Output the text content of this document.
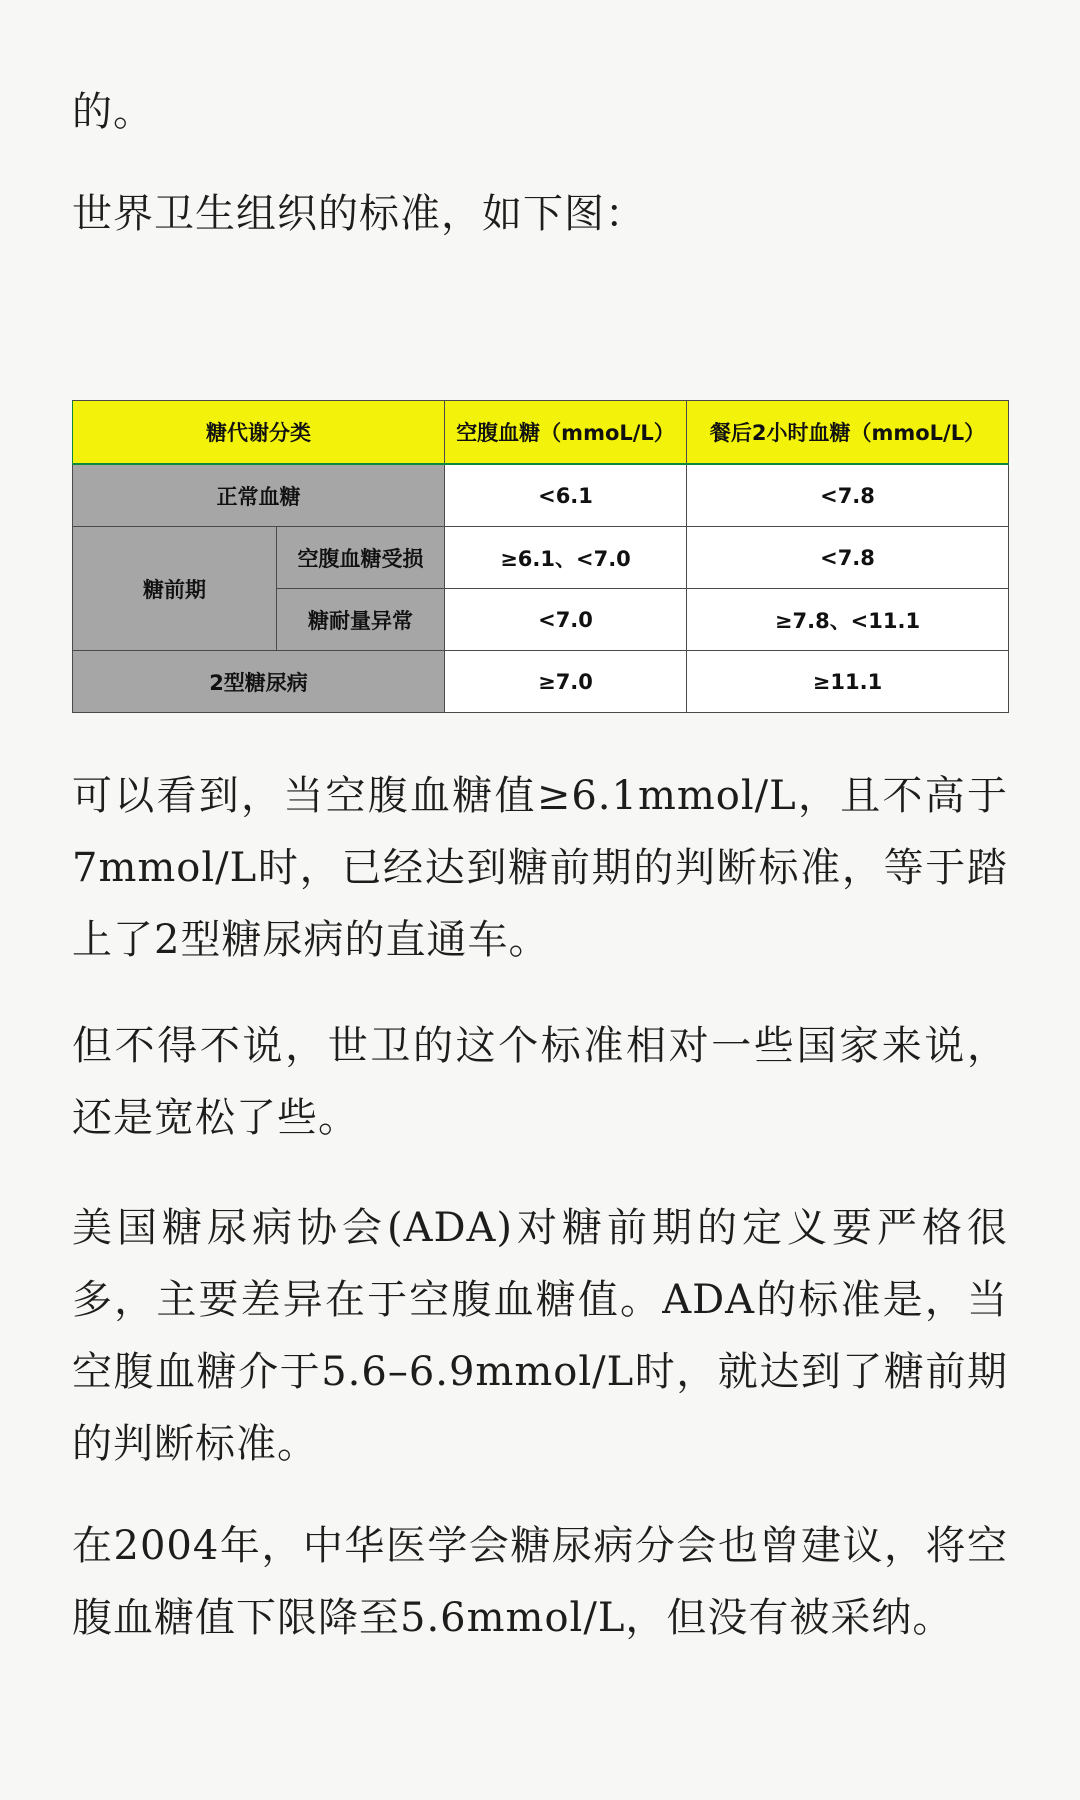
的。

世界卫生组织的标准，如下图：

糖代谢分类		空腹血糖（mmoL/L）	餐后2小时血糖（mmoL/L）
正常血糖		<6.1	<7.8
糖前期	空腹血糖受损	≥6.1、<7.0	<7.8
	糖耐量异常	<7.0	≥7.8、<11.1
2型糖尿病		≥7.0	≥11.1

可以看到，当空腹血糖值≥6.1mmol/L，且不高于7mmol/L时，已经达到糖前期的判断标准，等于踏上了2型糖尿病的直通车。

但不得不说，世卫的这个标准相对一些国家来说，还是宽松了些。

美国糖尿病协会(ADA)对糖前期的定义要严格很多，主要差异在于空腹血糖值。ADA的标准是，当空腹血糖介于5.6–6.9mmol/L时，就达到了糖前期的判断标准。

在2004年，中华医学会糖尿病分会也曾建议，将空腹血糖值下限降至5.6mmol/L，但没有被采纳。
